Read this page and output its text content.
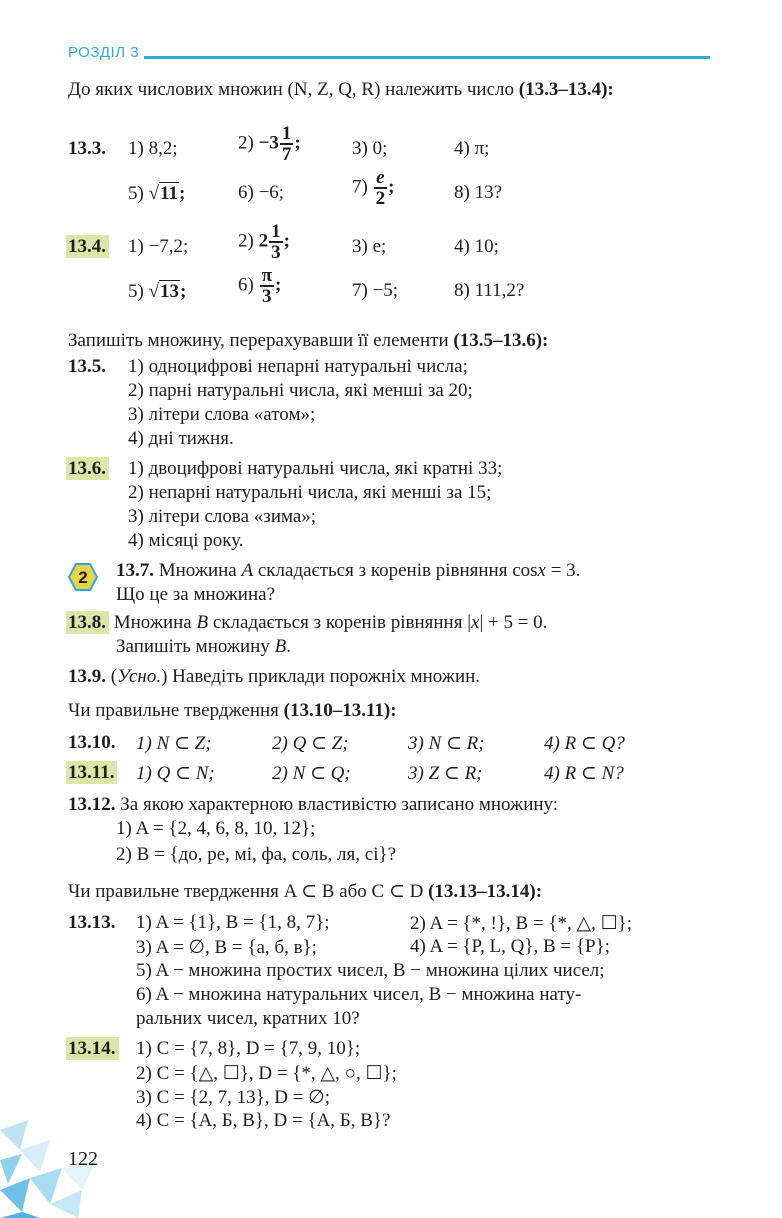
РОЗДІЛ 3
До яких числових множин (N, Z, Q, R) належить число (13.3–13.4):
13.3. 1) 8,2;	$2) -3 \frac{1}{7}$ ;	3) 0;	4) π;
5) √11;	6) −6;	$7) \frac{e}{2}$ ;	8) 13?
13.4. 1) −7,2;	2) $2 \frac{1}{3}$ ;	3) e;	4) 10;
5) √13;	$6) \frac{\pi}{3}$ ;	7) −5;	8) 111,2?
Запишіть множину, перерахувавши її елементи (13.5–13.6):
13.5. 1) одноцифрові непарні натуральні числа;
2) парні натуральні числа, які менші за 20;
3) літери слова «атом»;
4) дні тижня.
13.6. 1) двоцифрові натуральні числа, які кратні 33;
2) непарні натуральні числа, які менші за 15;
3) літери слова «зима»;
4) місяці року.
2 13.7. Множина A складається з коренів рівняння cosx = 3.
Що це за множина?
13.8. Множина B складається з коренів рівняння |x| + 5 = 0.
Запишіть множину B.
13.9. (Усно.) Наведіть приклади порожніх множин.
Чи правильне твердження (13.10–13.11):
13.10. 1) N ⊂ Z;	2) Q ⊂ Z;	3) N ⊂ R;	4) R ⊂ Q?
13.11. 1) Q ⊂ N;	2) N ⊂ Q;	3) Z ⊂ R;	4) R ⊂ N?
13.12. За якою характерною властивістю записано множину:
1) A = {2, 4, 6, 8, 10, 12};
2) B = {до, ре, мі, фа, соль, ля, сі}?
Чи правильне твердження A ⊂ B або C ⊂ D (13.13–13.14):
13.13. 1) A = {1}, B = {1, 8, 7};	2) A = {*, !}, B = {*, △, ☐};
3) A = ∅, B = {а, б, в};	4) A = {P, L, Q}, B = {P};
5) A − множина простих чисел, B − множина цілих чисел;
6) A − множина натуральних чисел, B − множина нату-
ральних чисел, кратних 10?
13.14. 1) C = {7, 8}, D = {7, 9, 10};
2) C = {△, ☐}, D = {*, △, ○, ☐};
3) C = {2, 7, 13}, D = ∅;
4) C = {A, Б, B}, D = {A, Б, B}?
122
